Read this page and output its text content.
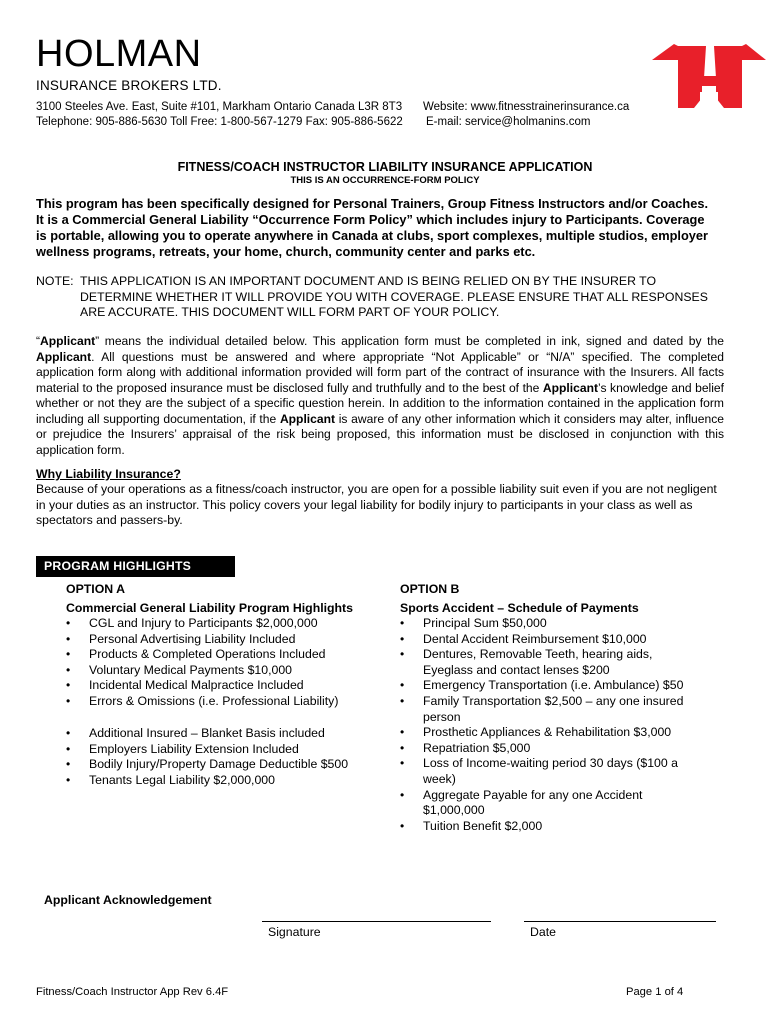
HOLMAN
INSURANCE BROKERS LTD.
3100 Steeles Ave. East, Suite #101, Markham Ontario Canada L3R 8T3
Telephone: 905-886-5630 Toll Free: 1-800-567-1279 Fax: 905-886-5622
Website: www.fitnesstrainerinsurance.ca
E-mail: service@holmanins.com
FITNESS/COACH INSTRUCTOR LIABILITY INSURANCE APPLICATION
THIS IS AN OCCURRENCE-FORM POLICY
This program has been specifically designed for Personal Trainers, Group Fitness Instructors and/or Coaches. It is a Commercial General Liability “Occurrence Form Policy” which includes injury to Participants. Coverage is portable, allowing you to operate anywhere in Canada at clubs, sport complexes, multiple studios, employer wellness programs, retreats, your home, church, community center and parks etc.
NOTE: THIS APPLICATION IS AN IMPORTANT DOCUMENT AND IS BEING RELIED ON BY THE INSURER TO DETERMINE WHETHER IT WILL PROVIDE YOU WITH COVERAGE. PLEASE ENSURE THAT ALL RESPONSES ARE ACCURATE. THIS DOCUMENT WILL FORM PART OF YOUR POLICY.
“Applicant” means the individual detailed below. This application form must be completed in ink, signed and dated by the Applicant. All questions must be answered and where appropriate “Not Applicable” or “N/A” specified. The completed application form along with additional information provided will form part of the contract of insurance with the Insurers. All facts material to the proposed insurance must be disclosed fully and truthfully and to the best of the Applicant’s knowledge and belief whether or not they are the subject of a specific question herein. In addition to the information contained in the application form including all supporting documentation, if the Applicant is aware of any other information which it considers may alter, influence or prejudice the Insurers’ appraisal of the risk being proposed, this information must be disclosed in conjunction with this application form.
Why Liability Insurance?
Because of your operations as a fitness/coach instructor, you are open for a possible liability suit even if you are not negligent in your duties as an instructor. This policy covers your legal liability for bodily injury to participants in your class as well as spectators and passers-by.
PROGRAM HIGHLIGHTS
OPTION A
Commercial General Liability Program Highlights
• CGL and Injury to Participants $2,000,000
• Personal Advertising Liability Included
• Products & Completed Operations Included
• Voluntary Medical Payments $10,000
• Incidental Medical Malpractice Included
• Errors & Omissions (i.e. Professional Liability)
• Additional Insured – Blanket Basis included
• Employers Liability Extension Included
• Bodily Injury/Property Damage Deductible $500
• Tenants Legal Liability $2,000,000
OPTION B
Sports Accident – Schedule of Payments
• Principal Sum $50,000
• Dental Accident Reimbursement $10,000
• Dentures, Removable Teeth, hearing aids, Eyeglass and contact lenses $200
• Emergency Transportation (i.e. Ambulance) $50
• Family Transportation $2,500 – any one insured person
• Prosthetic Appliances & Rehabilitation $3,000
• Repatriation $5,000
• Loss of Income-waiting period 30 days ($100 a week)
• Aggregate Payable for any one Accident $1,000,000
• Tuition Benefit $2,000
Applicant Acknowledgement
Signature	Date
Fitness/Coach Instructor App Rev 6.4F	Page 1 of 4
